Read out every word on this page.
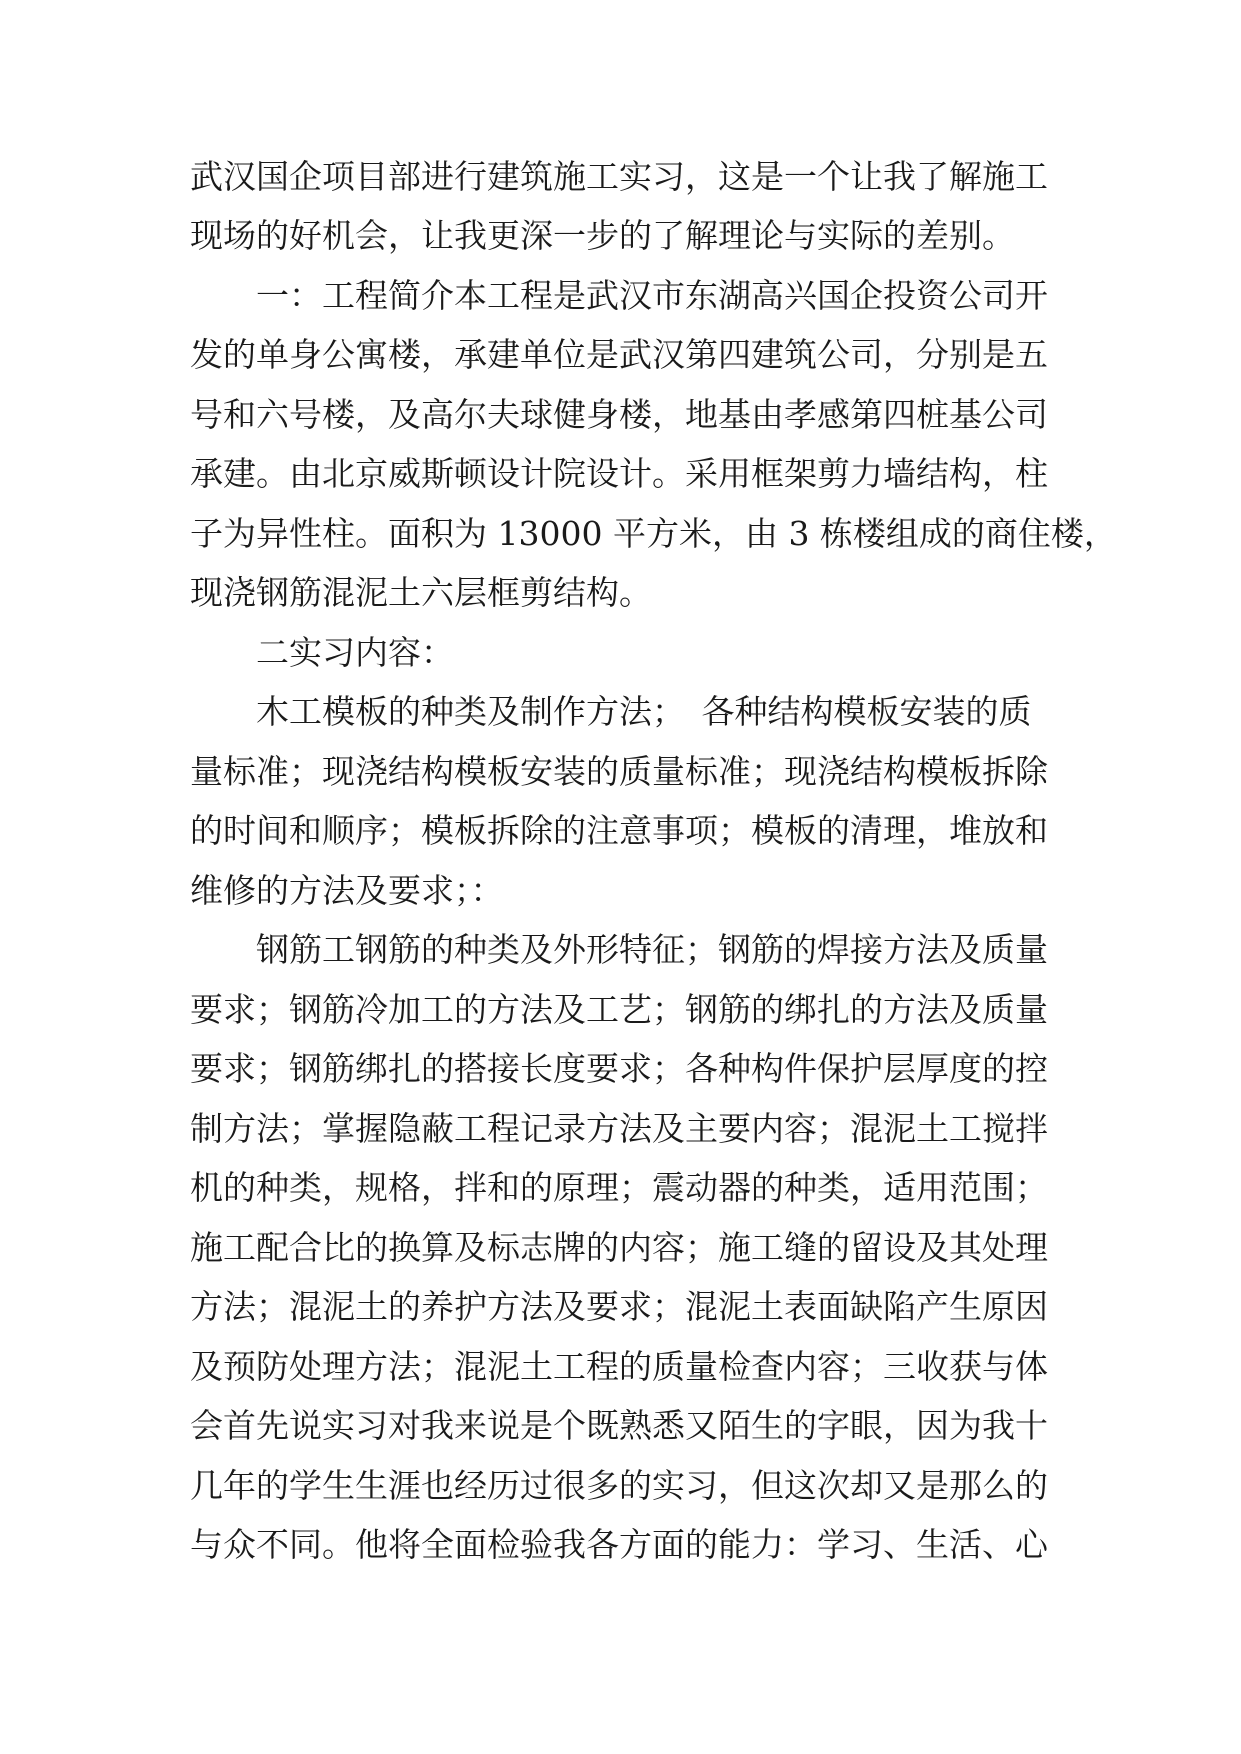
武汉国企项目部进行建筑施工实习，这是一个让我了解施工
现场的好机会，让我更深一步的了解理论与实际的差别。
一：工程简介本工程是武汉市东湖高兴国企投资公司开
发的单身公寓楼，承建单位是武汉第四建筑公司，分别是五
号和六号楼，及高尔夫球健身楼，地基由孝感第四桩基公司
承建。由北京威斯顿设计院设计。采用框架剪力墙结构，柱
子为异性柱。面积为 13000 平方米，由 3 栋楼组成的商住楼，
现浇钢筋混泥土六层框剪结构。
二实习内容：
木工模板的种类及制作方法；　各种结构模板安装的质
量标准；现浇结构模板安装的质量标准；现浇结构模板拆除
的时间和顺序；模板拆除的注意事项；模板的清理，堆放和
维修的方法及要求；：
钢筋工钢筋的种类及外形特征；钢筋的焊接方法及质量
要求；钢筋冷加工的方法及工艺；钢筋的绑扎的方法及质量
要求；钢筋绑扎的搭接长度要求；各种构件保护层厚度的控
制方法；掌握隐蔽工程记录方法及主要内容；混泥土工搅拌
机的种类，规格，拌和的原理；震动器的种类，适用范围；
施工配合比的换算及标志牌的内容；施工缝的留设及其处理
方法；混泥土的养护方法及要求；混泥土表面缺陷产生原因
及预防处理方法；混泥土工程的质量检查内容；三收获与体
会首先说实习对我来说是个既熟悉又陌生的字眼，因为我十
几年的学生生涯也经历过很多的实习，但这次却又是那么的
与众不同。他将全面检验我各方面的能力：学习、生活、心
